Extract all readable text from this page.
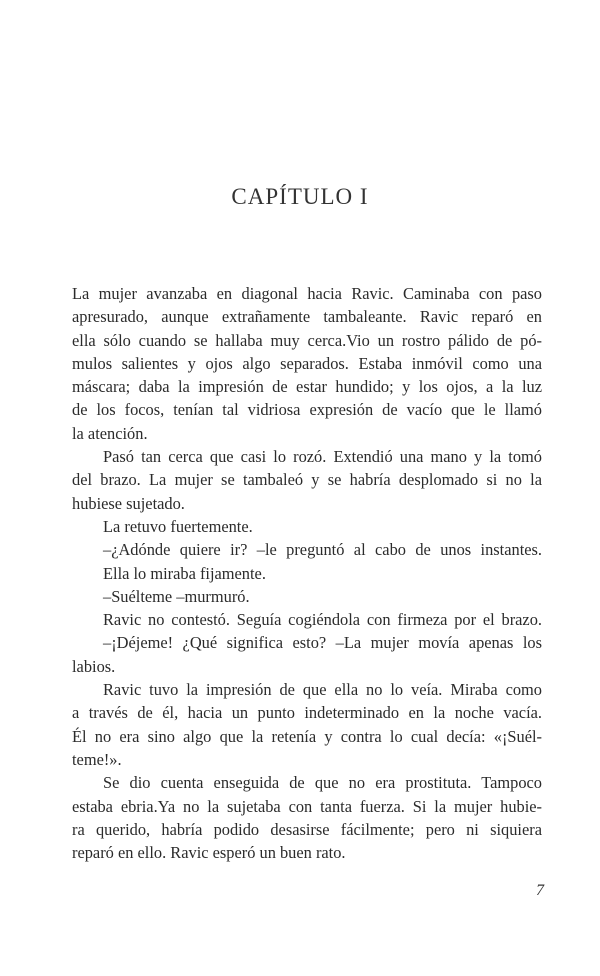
CAPÍTULO I
La mujer avanzaba en diagonal hacia Ravic. Caminaba con paso
apresurado, aunque extrañamente tambaleante. Ravic reparó en
ella sólo cuando se hallaba muy cerca.Vio un rostro pálido de pó-
mulos salientes y ojos algo separados. Estaba inmóvil como una
máscara; daba la impresión de estar hundido; y los ojos, a la luz
de los focos, tenían tal vidriosa expresión de vacío que le llamó
la atención.
Pasó tan cerca que casi lo rozó. Extendió una mano y la tomó
del brazo. La mujer se tambaleó y se habría desplomado si no la
hubiese sujetado.
La retuvo fuertemente.
–¿Adónde quiere ir? –le preguntó al cabo de unos instantes.
Ella lo miraba fijamente.
–Suélteme –murmuró.
Ravic no contestó. Seguía cogiéndola con firmeza por el brazo.
–¡Déjeme! ¿Qué significa esto? –La mujer movía apenas los
labios.
Ravic tuvo la impresión de que ella no lo veía. Miraba como
a través de él, hacia un punto indeterminado en la noche vacía.
Él no era sino algo que la retenía y contra lo cual decía: «¡Suél-
teme!».
Se dio cuenta enseguida de que no era prostituta. Tampoco
estaba ebria.Ya no la sujetaba con tanta fuerza. Si la mujer hubie-
ra querido, habría podido desasirse fácilmente; pero ni siquiera
reparó en ello. Ravic esperó un buen rato.
7
